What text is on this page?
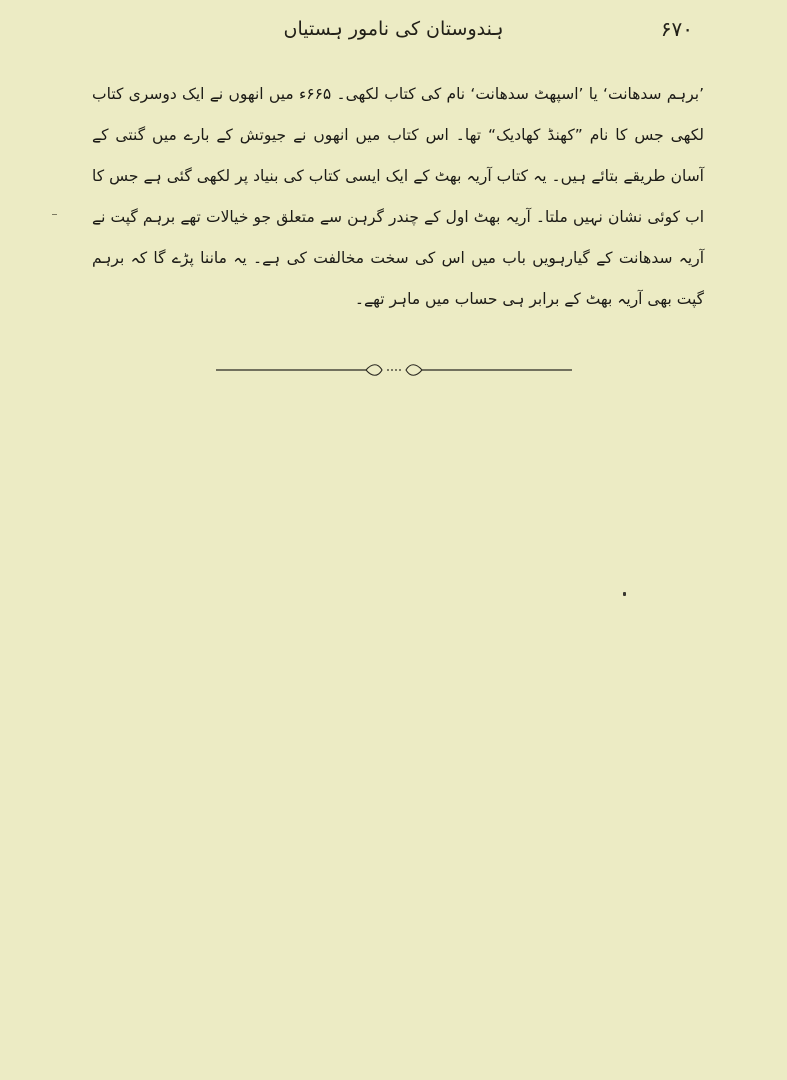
ہندوستان کی نامور ہستیاں	۶۷۰

’برہم سدھانت‘ یا ’اسپھٹ سدھانت‘ نام کی کتاب لکھی۔ ۶۶۵ء میں انھوں نے ایک دوسری کتاب لکھی جس کا نام ”کھنڈ کھادیک“ تھا۔ اس کتاب میں انھوں نے جیوتش کے بارے میں گنتی کے آسان طریقے بتائے ہیں۔ یہ کتاب آریہ بھٹ کے ایک ایسی کتاب کی بنیاد پر لکھی گئی ہے جس کا اب کوئی نشان نہیں ملتا۔ آریہ بھٹ اول کے چندر گرہن سے متعلق جو خیالات تھے برہم گپت نے آریہ سدھانت کے گیارہویں باب میں اس کی سخت مخالفت کی ہے۔ یہ ماننا پڑے گا کہ برہم گپت بھی آریہ بھٹ کے برابر ہی حساب میں ماہر تھے۔
